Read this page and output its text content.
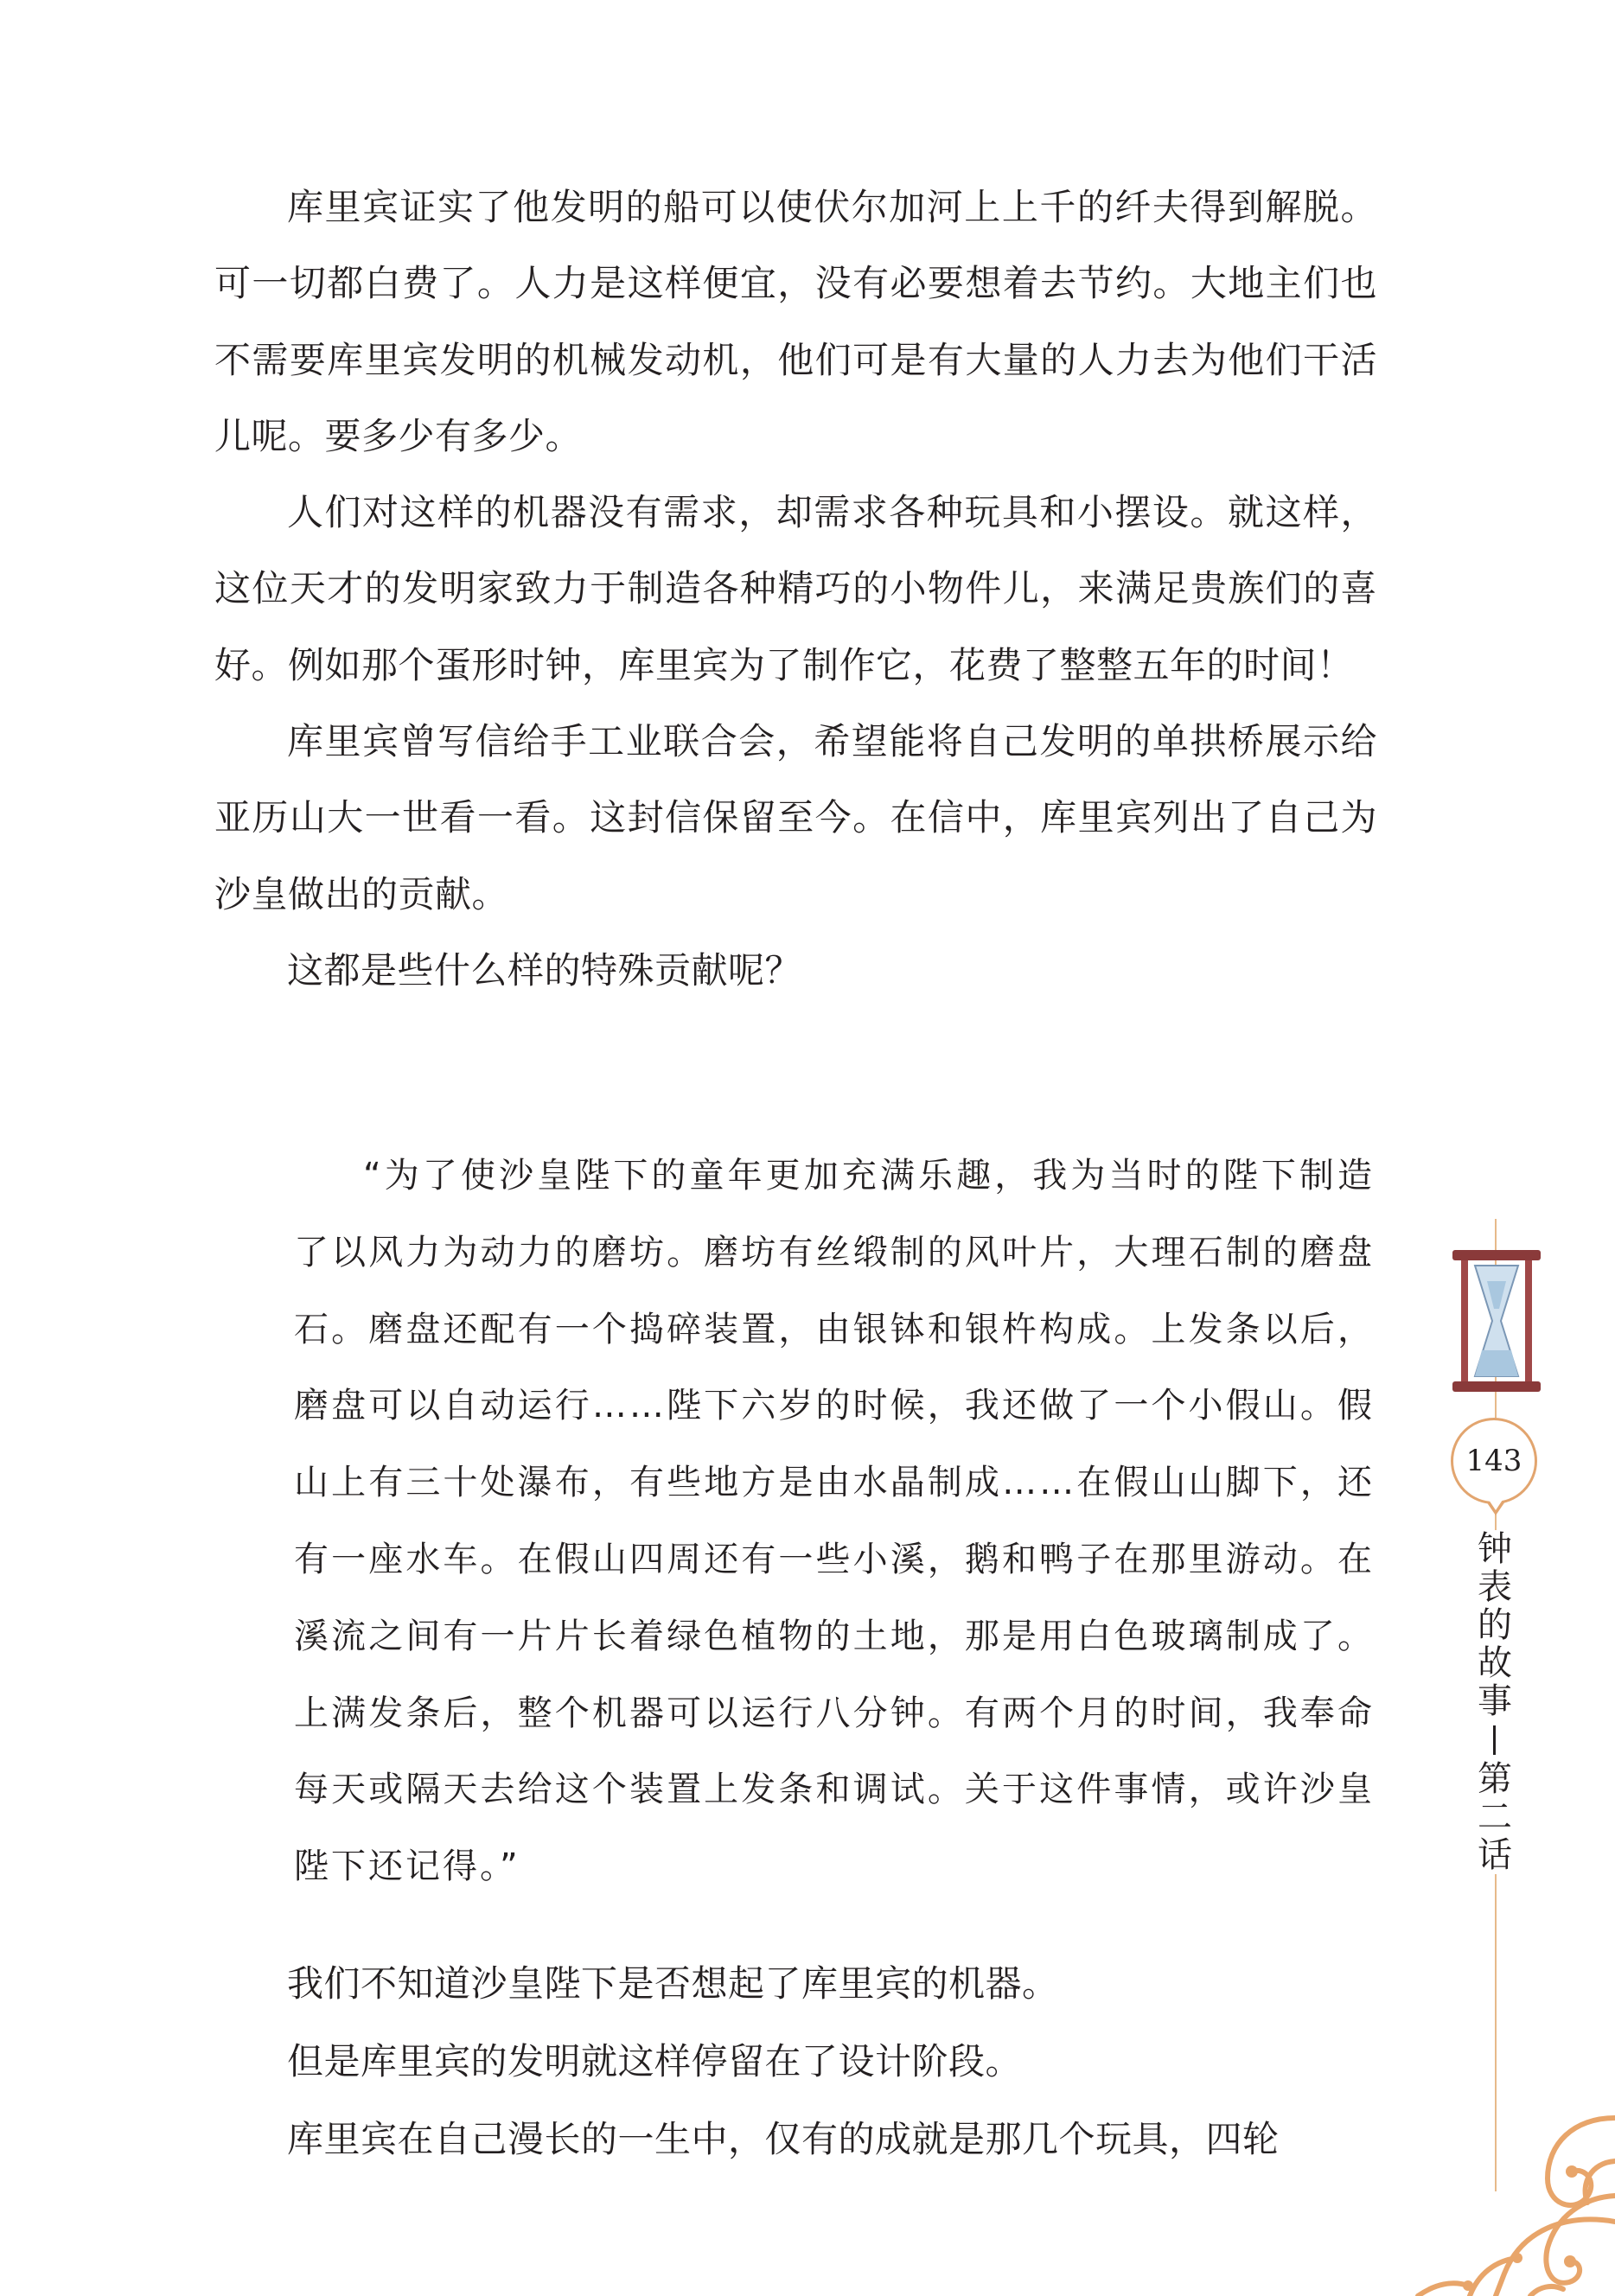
库里宾证实了他发明的船可以使伏尔加河上上千的纤夫得到解脱。可一切都白费了。人力是这样便宜，没有必要想着去节约。大地主们也不需要库里宾发明的机械发动机，他们可是有大量的人力去为他们干活儿呢。要多少有多少。

人们对这样的机器没有需求，却需求各种玩具和小摆设。就这样，这位天才的发明家致力于制造各种精巧的小物件儿，来满足贵族们的喜好。例如那个蛋形时钟，库里宾为了制作它，花费了整整五年的时间！

库里宾曾写信给手工业联合会，希望能将自己发明的单拱桥展示给亚历山大一世看一看。这封信保留至今。在信中，库里宾列出了自己为沙皇做出的贡献。

这都是些什么样的特殊贡献呢？

“为了使沙皇陛下的童年更加充满乐趣，我为当时的陛下制造了以风力为动力的磨坊。磨坊有丝缎制的风叶片，大理石制的磨盘石。磨盘还配有一个捣碎装置，由银钵和银杵构成。上发条以后，磨盘可以自动运行……陛下六岁的时候，我还做了一个小假山。假山上有三十处瀑布，有些地方是由水晶制成……在假山山脚下，还有一座水车。在假山四周还有一些小溪，鹅和鸭子在那里游动。在溪流之间有一片片长着绿色植物的土地，那是用白色玻璃制成了。上满发条后，整个机器可以运行八分钟。有两个月的时间，我奉命每天或隔天去给这个装置上发条和调试。关于这件事情，或许沙皇陛下还记得。”

我们不知道沙皇陛下是否想起了库里宾的机器。

但是库里宾的发明就这样停留在了设计阶段。

库里宾在自己漫长的一生中，仅有的成就是那几个玩具，四轮

143
钟
表
的
故
事
第
二
话
